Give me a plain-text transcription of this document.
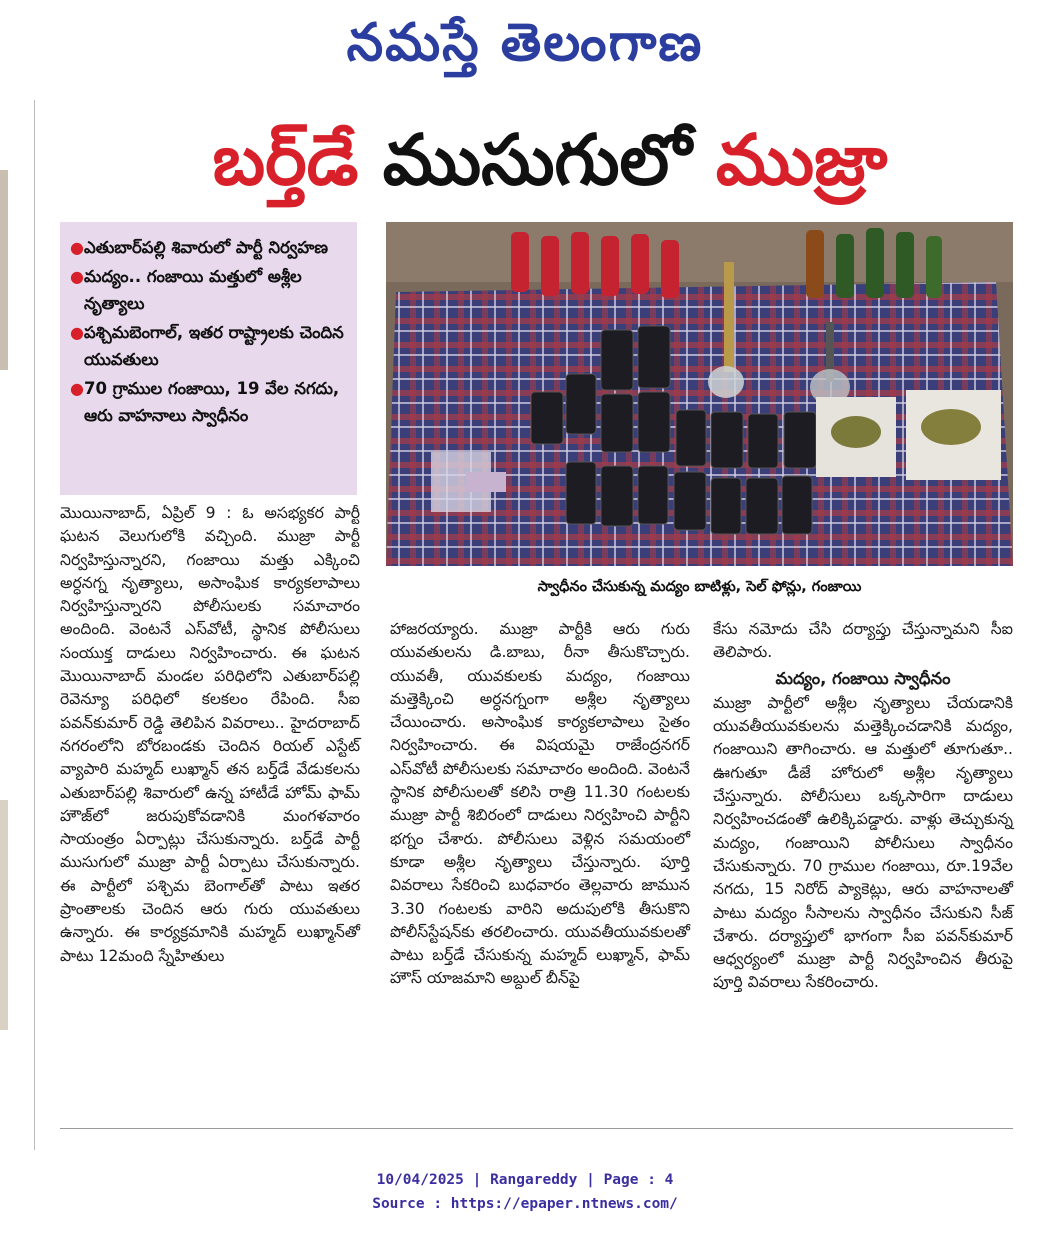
నమస్తే తెలంగాణ
బర్త్‌డే ముసుగులో ముజ్రా
● ఎతుబార్‌పల్లి శివారులో పార్టీ నిర్వహణ
● మద్యం.. గంజాయి మత్తులో అశ్లీల నృత్యాలు
● పశ్చిమబెంగాల్, ఇతర రాష్ట్రాలకు చెందిన యువతులు
● 70 గ్రాముల గంజాయి, 19 వేల నగదు, ఆరు వాహనాలు స్వాధీనం
స్వాధీనం చేసుకున్న మద్యం బాటిళ్లు, సెల్ ఫోన్లు, గంజాయి

మొయినాబాద్, ఏప్రిల్ 9 : ఓ అసభ్యకర పార్టీ ఘటన వెలుగులోకి వచ్చింది. ముజ్రా పార్టీ నిర్వహిస్తున్నారని, గంజాయి మత్తు ఎక్కించి అర్ధనగ్న నృత్యాలు, అసాంఘిక కార్యకలాపాలు నిర్వహిస్తున్నారని పోలీసులకు సమాచారం అందింది. వెంటనే ఎస్‌వోటీ, స్థానిక పోలీసులు సంయుక్త దాడులు నిర్వహించారు. ఈ ఘటన మొయినాబాద్ మండల పరిధిలోని ఎతుబార్‌పల్లి రెవెన్యూ పరిధిలో కలకలం రేపింది. సీఐ పవన్‌కుమార్ రెడ్డి తెలిపిన వివరాలు.. హైదరాబాద్ నగరంలోని బోరబండకు చెందిన రియల్ ఎస్టేట్ వ్యాపారి మహ్మద్ లుఖ్మాన్ తన బర్త్‌డే వేడుకలను ఎతుబార్‌పల్లి శివారులో ఉన్న హాటీడే హోమ్ ఫామ్ హౌజ్‌లో జరుపుకోవడానికి మంగళవారం సాయంత్రం ఏర్పాట్లు చేసుకున్నారు. బర్త్‌డే పార్టీ ముసుగులో ముజ్రా పార్టీ ఏర్పాటు చేసుకున్నారు. ఈ పార్టీలో పశ్చిమ బెంగాల్‌తో పాటు ఇతర ప్రాంతాలకు చెందిన ఆరు గురు యువతులు ఉన్నారు. ఈ కార్యక్రమానికి మహ్మద్ లుఖ్మాన్‌తో పాటు 12మంది స్నేహితులు

హాజరయ్యారు. ముజ్రా పార్టీకి ఆరు గురు యువతులను డి.బాబు, రీనా తీసుకొచ్చారు. యువతీ, యువకులకు మద్యం, గంజాయి మత్తెక్కించి అర్ధనగ్నంగా అశ్లీల నృత్యాలు చేయించారు. అసాంఘిక కార్యకలాపాలు సైతం నిర్వహించారు. ఈ విషయమై రాజేంద్రనగర్ ఎస్‌వోటీ పోలీసులకు సమాచారం అందింది. వెంటనే స్థానిక పోలీసులతో కలిసి రాత్రి 11.30 గంటలకు ముజ్రా పార్టీ శిబిరంలో దాడులు నిర్వహించి పార్టీని భగ్నం చేశారు. పోలీసులు వెళ్లిన సమయంలో కూడా అశ్లీల నృత్యాలు చేస్తున్నారు. పూర్తి వివరాలు సేకరించి బుధవారం తెల్లవారు జామున 3.30 గంటలకు వారిని అదుపులోకి తీసుకొని పోలీస్‌స్టేషన్‌కు తరలించారు. యువతీయువకులతో పాటు బర్త్‌డే చేసుకున్న మహ్మద్ లుఖ్మాన్, ఫామ్ హౌస్ యాజమాని అబ్దుల్ బీన్‌పై

కేసు నమోదు చేసి దర్యాప్తు చేస్తున్నామని సీఐ తెలిపారు.

మద్యం, గంజాయి స్వాధీనం

ముజ్రా పార్టీలో అశ్లీల నృత్యాలు చేయడానికి యువతీయువకులను మత్తెక్కించడానికి మద్యం, గంజాయిని తాగించారు. ఆ మత్తులో తూగుతూ.. ఊగుతూ డీజే హోరులో అశ్లీల నృత్యాలు చేస్తున్నారు. పోలీసులు ఒక్కసారిగా దాడులు నిర్వహించడంతో ఉలిక్కిపడ్డారు. వాళ్లు తెచ్చుకున్న మద్యం, గంజాయిని పోలీసులు స్వాధీనం చేసుకున్నారు. 70 గ్రాముల గంజాయి, రూ.19వేల నగదు, 15 నిరోద్ ప్యాకెట్లు, ఆరు వాహనాలతో పాటు మద్యం సీసాలను స్వాధీనం చేసుకుని సీజ్ చేశారు. దర్యాప్తులో భాగంగా సీఐ పవన్‌కుమార్ ఆధ్వర్యంలో ముజ్రా పార్టీ నిర్వహించిన తీరుపై పూర్తి వివరాలు సేకరించారు.

10/04/2025 | Rangareddy | Page : 4
Source : https://epaper.ntnews.com/
